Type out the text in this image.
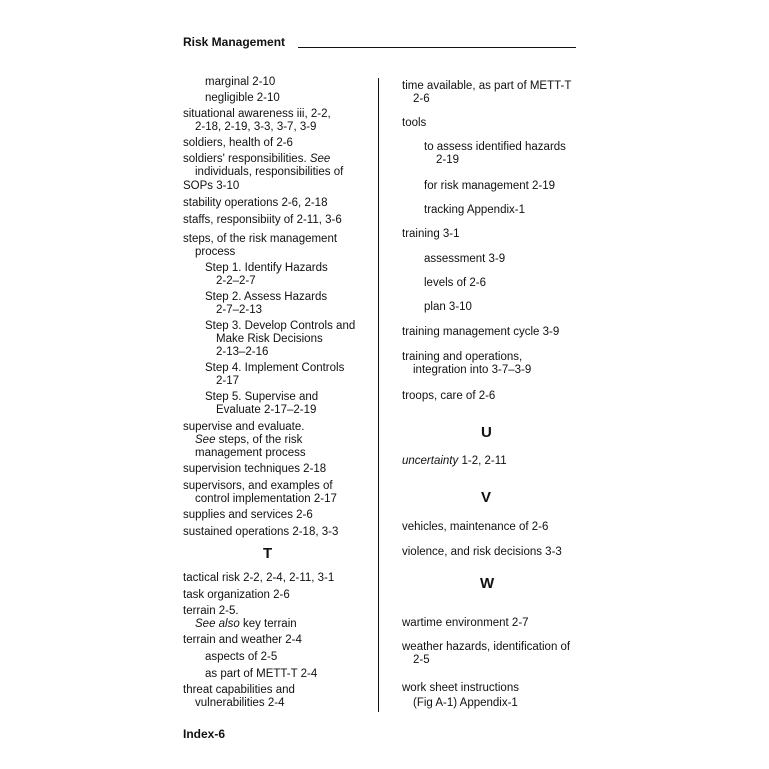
Risk Management
marginal 2-10
negligible 2-10
situational awareness iii, 2-2,
2-18, 2-19, 3-3, 3-7, 3-9
soldiers, health of 2-6
soldiers' responsibilities. See
individuals, responsibilities of
SOPs 3-10
stability operations 2-6, 2-18
staffs, responsibiity of 2-11, 3-6
steps, of the risk management
process
Step 1. Identify Hazards
2-2–2-7
Step 2. Assess Hazards
2-7–2-13
Step 3. Develop Controls and
Make Risk Decisions
2-13–2-16
Step 4. Implement Controls
2-17
Step 5. Supervise and
Evaluate 2-17–2-19
supervise and evaluate.
See steps, of the risk
management process
supervision techniques 2-18
supervisors, and examples of
control implementation 2-17
supplies and services 2-6
sustained operations 2-18, 3-3
T
tactical risk 2-2, 2-4, 2-11, 3-1
task organization 2-6
terrain 2-5.
See also key terrain
terrain and weather 2-4
aspects of 2-5
as part of METT-T 2-4
threat capabilities and
vulnerabilities 2-4
time available, as part of METT-T
2-6
tools
to assess identified hazards
2-19
for risk management 2-19
tracking Appendix-1
training 3-1
assessment 3-9
levels of 2-6
plan 3-10
training management cycle 3-9
training and operations,
integration into 3-7–3-9
troops, care of 2-6
U
uncertainty 1-2, 2-11
V
vehicles, maintenance of 2-6
violence, and risk decisions 3-3
W
wartime environment 2-7
weather hazards, identification of
2-5
work sheet instructions
(Fig A-1) Appendix-1
Index-6
